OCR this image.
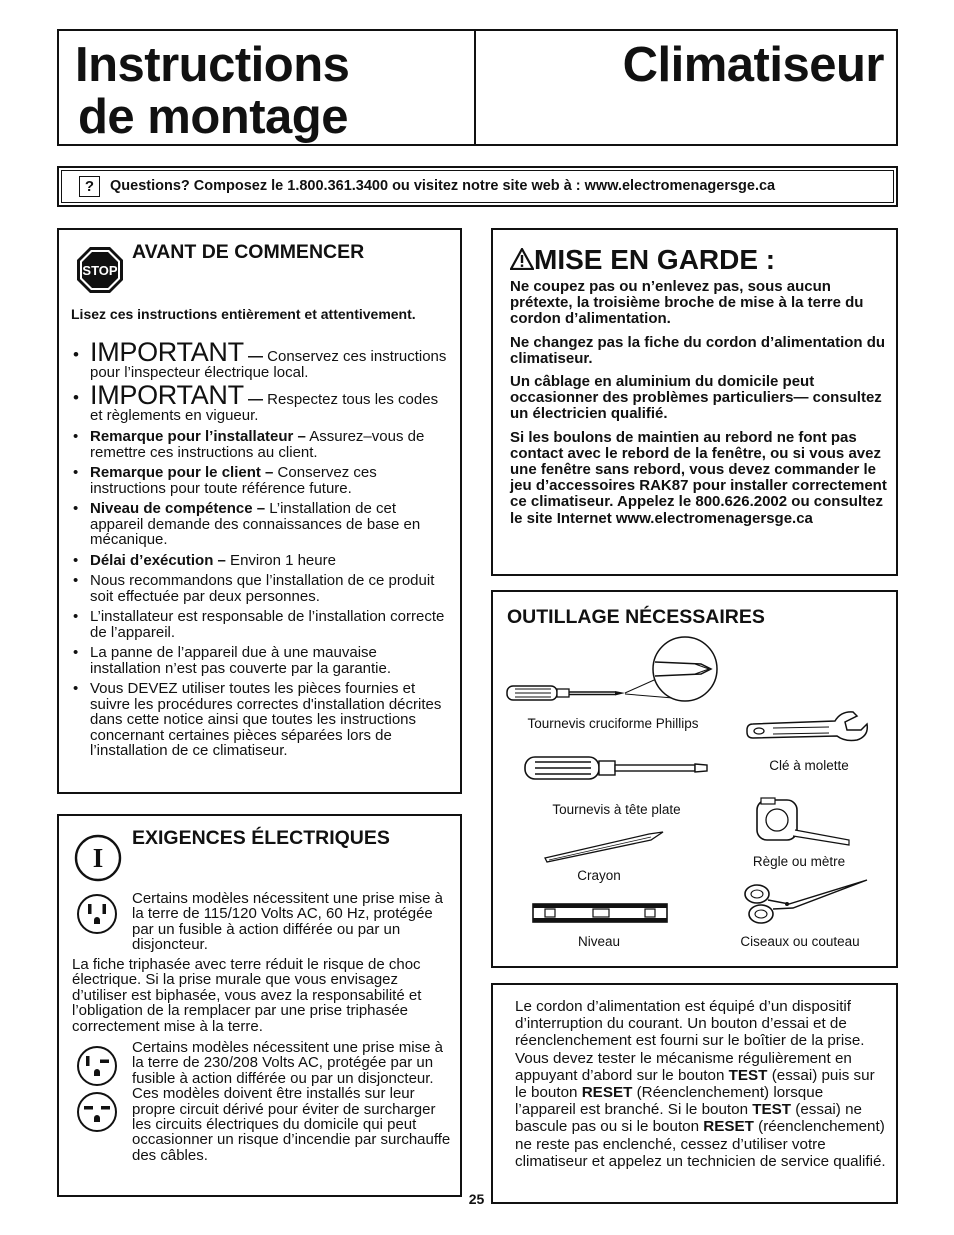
Instructions
de montage
Climatiseur
?	Questions? Composez le 1.800.361.3400 ou visitez notre site web à : www.electromenagersge.ca
STOP
AVANT DE COMMENCER
Lisez ces instructions entièrement et attentivement.
• IMPORTANT — Conservez ces instructions pour l’inspecteur électrique local.
• IMPORTANT — Respectez tous les codes et règlements en vigueur.
• Remarque pour l’installateur – Assurez–vous de remettre ces instructions au client.
• Remarque pour le client – Conservez ces instructions pour toute référence future.
• Niveau de compétence – L’installation de cet appareil demande des connaissances de base en mécanique.
• Délai d’exécution – Environ 1 heure
• Nous recommandons que l’installation de ce produit soit effectuée par deux personnes.
• L’installateur est responsable de l’installation correcte de l’appareil.
• La panne de l’appareil due à une mauvaise installation n’est pas couverte par la garantie.
• Vous DEVEZ utiliser toutes les pièces fournies et suivre les procédures correctes d'installation décrites dans cette notice ainsi que toutes les instructions concernant certaines pièces séparées lors de l’installation de ce climatiseur.
I
EXIGENCES ÉLECTRIQUES

Certains modèles nécessitent une prise mise à la terre de 115/120 Volts AC, 60 Hz, protégée par un fusible à action différée ou par un disjoncteur.

La fiche triphasée avec terre réduit le risque de choc électrique. Si la prise murale que vous envisagez d’utiliser est biphasée, vous avez la responsabilité et l’obligation de la remplacer par une prise triphasée correctement mise à la terre.

Certains modèles nécessitent une prise mise à la terre de 230/208 Volts AC, protégée par un fusible à action différée ou par un disjoncteur. Ces modèles doivent être installés sur leur propre circuit dérivé pour éviter de surcharger les circuits électriques du domicile qui peut occasionner un risque d’incendie par surchauffe des câbles.

MISE EN GARDE :

Ne coupez pas ou n’enlevez pas, sous aucun prétexte, la troisième broche de mise à la terre du cordon d’alimentation.

Ne changez pas la fiche du cordon d’alimentation du climatiseur.

Un câblage en aluminium du domicile peut occasionner des problèmes particuliers— consultez un électricien qualifié.

Si les boulons de maintien au rebord ne font pas contact avec le rebord de la fenêtre, ou si vous avez une fenêtre sans rebord, vous devez commander le jeu d’accessoires RAK87 pour installer correctement ce climatiseur. Appelez le 800.626.2002 ou consultez le site Internet www.electromenagersge.ca

OUTILLAGE NÉCESSAIRES
Tournevis cruciforme Phillips
Clé à molette
Tournevis à tête plate
Règle ou mètre
Crayon
Ciseaux ou couteau
Niveau

Le cordon d’alimentation est équipé d’un dispositif d’interruption du courant. Un bouton d’essai et de réenclenchement est fourni sur le boîtier de la prise. Vous devez tester le mécanisme régulièrement en appuyant d’abord sur le bouton TEST (essai) puis sur le bouton RESET (Réenclenchement) lorsque l’appareil est branché. Si le bouton TEST (essai) ne bascule pas ou si le bouton RESET (réenclenchement) ne reste pas enclenché, cessez d’utiliser votre climatiseur et appelez un technicien de service qualifié.

25
